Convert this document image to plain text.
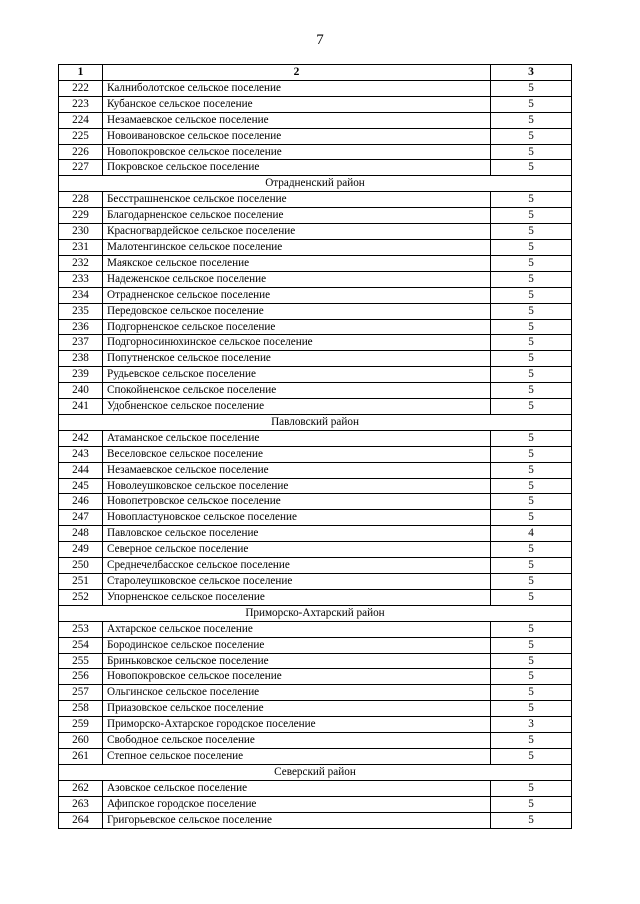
7
1	2	3
222	Калниболотское сельское поселение	5
223	Кубанское сельское поселение	5
224	Незамаевское сельское поселение	5
225	Новоивановское сельское поселение	5
226	Новопокровское сельское поселение	5
227	Покровское сельское поселение	5
Отрадненский район		
228	Бесстрашненское сельское поселение	5
229	Благодарненское сельское поселение	5
230	Красногвардейское сельское поселение	5
231	Малотенгинское сельское поселение	5
232	Маякское сельское поселение	5
233	Надеженское сельское поселение	5
234	Отрадненское сельское поселение	5
235	Передовское сельское поселение	5
236	Подгорненское сельское поселение	5
237	Подгорносинюхинское сельское поселение	5
238	Попутненское сельское поселение	5
239	Рудьевское сельское поселение	5
240	Спокойненское сельское поселение	5
241	Удобненское сельское поселение	5
Павловский район		
242	Атаманское сельское поселение	5
243	Веселовское сельское поселение	5
244	Незамаевское сельское поселение	5
245	Новолеушковское сельское поселение	5
246	Новопетровское сельское поселение	5
247	Новопластуновское сельское поселение	5
248	Павловское сельское поселение	4
249	Северное сельское поселение	5
250	Среднечелбасское сельское поселение	5
251	Старолеушковское сельское поселение	5
252	Упорненское сельское поселение	5
Приморско-Ахтарский район		
253	Ахтарское сельское поселение	5
254	Бородинское сельское поселение	5
255	Бриньковское сельское поселение	5
256	Новопокровское сельское поселение	5
257	Ольгинское сельское поселение	5
258	Приазовское сельское поселение	5
259	Приморско-Ахтарское городское поселение	3
260	Свободное сельское поселение	5
261	Степное сельское поселение	5
Северский район		
262	Азовское сельское поселение	5
263	Афипское городское поселение	5
264	Григорьевское сельское поселение	5
